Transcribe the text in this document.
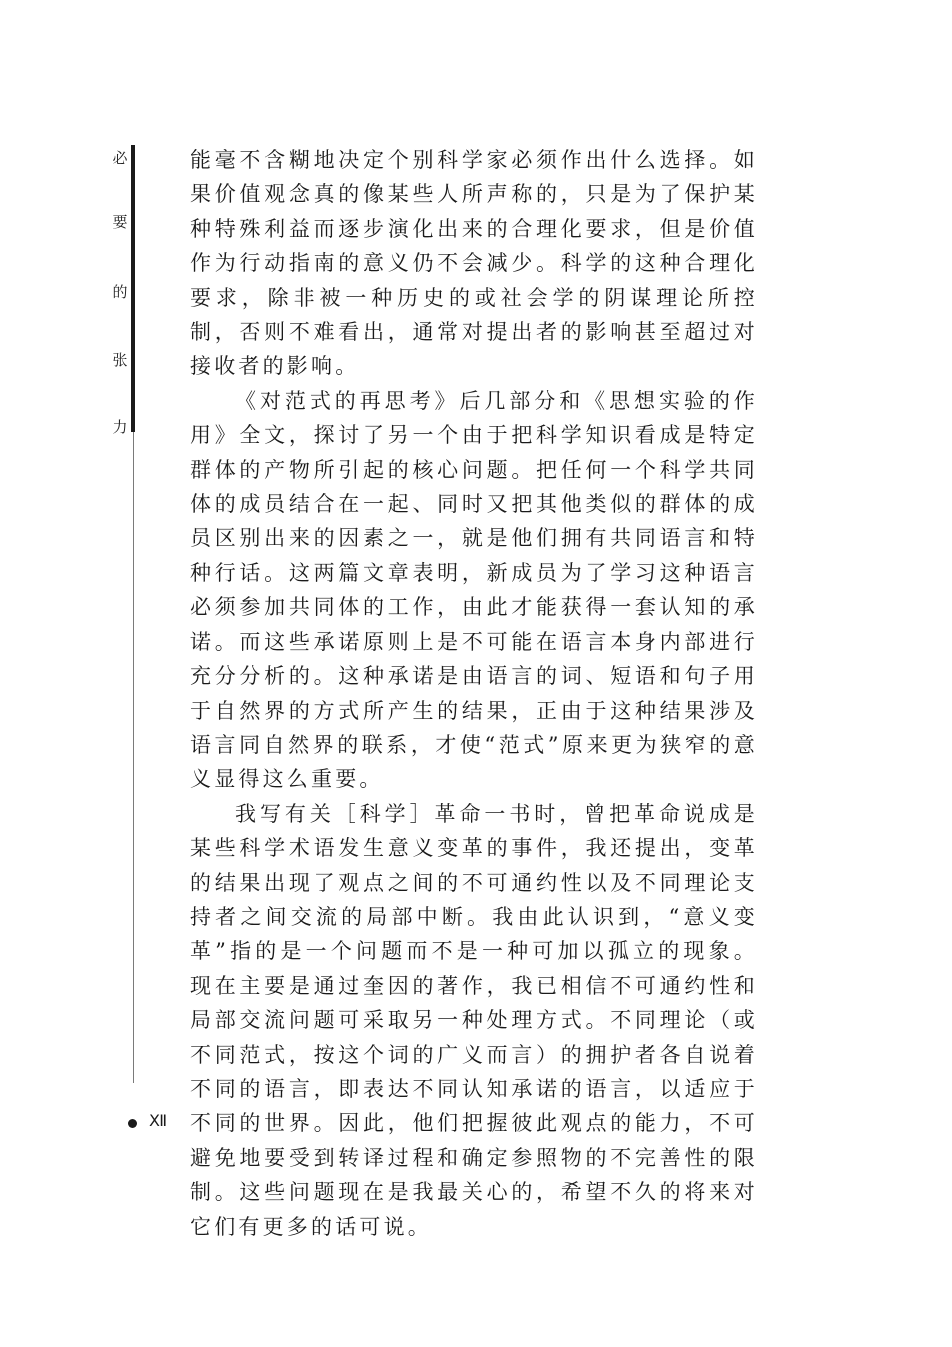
必
要
的
张
力

能毫不含糊地决定个别科学家必须作出什么选择。如果价值观念真的像某些人所声称的，只是为了保护某种特殊利益而逐步演化出来的合理化要求，但是价值作为行动指南的意义仍不会减少。科学的这种合理化要求，除非被一种历史的或社会学的阴谋理论所控制，否则不难看出，通常对提出者的影响甚至超过对接收者的影响。

《对范式的再思考》后几部分和《思想实验的作用》全文，探讨了另一个由于把科学知识看成是特定群体的产物所引起的核心问题。把任何一个科学共同体的成员结合在一起、同时又把其他类似的群体的成员区别出来的因素之一，就是他们拥有共同语言和特种行话。这两篇文章表明，新成员为了学习这种语言必须参加共同体的工作，由此才能获得一套认知的承诺。而这些承诺原则上是不可能在语言本身内部进行充分分析的。这种承诺是由语言的词、短语和句子用于自然界的方式所产生的结果，正由于这种结果涉及语言同自然界的联系，才使“范式”原来更为狭窄的意义显得这么重要。

我写有关［科学］革命一书时，曾把革命说成是某些科学术语发生意义变革的事件，我还提出，变革的结果出现了观点之间的不可通约性以及不同理论支持者之间交流的局部中断。我由此认识到，“意义变革”指的是一个问题而不是一种可加以孤立的现象。现在主要是通过奎因的著作，我已相信不可通约性和局部交流问题可采取另一种处理方式。不同理论（或不同范式，按这个词的广义而言）的拥护者各自说着不同的语言，即表达不同认知承诺的语言，以适应于不同的世界。因此，他们把握彼此观点的能力，不可避免地要受到转译过程和确定参照物的不完善性的限制。这些问题现在是我最关心的，希望不久的将来对它们有更多的话可说。

Ⅻ
